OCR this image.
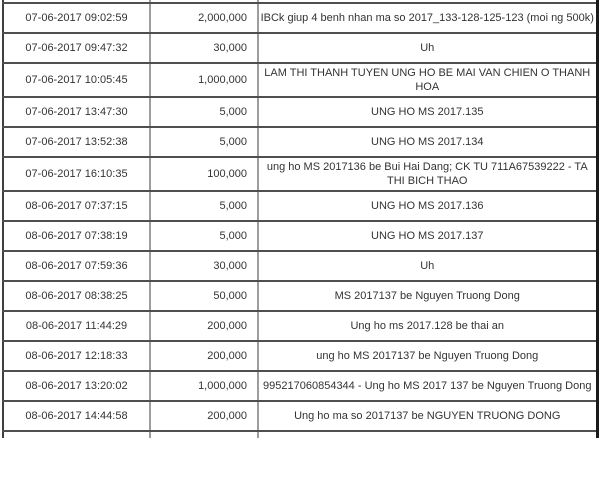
07-06-2017 09:02:59	2,000,000	IBCk giup 4 benh nhan ma so 2017_133-128-125-123 (moi ng 500k)
07-06-2017 09:47:32	30,000	Uh
07-06-2017 10:05:45	1,000,000	LAM THI THANH TUYEN UNG HO BE MAI VAN CHIEN O THANH HOA
07-06-2017 13:47:30	5,000	UNG HO MS 2017.135
07-06-2017 13:52:38	5,000	UNG HO MS 2017.134
07-06-2017 16:10:35	100,000	ung ho MS 2017136 be Bui Hai Dang; CK TU 711A67539222 - TA THI BICH THAO
08-06-2017 07:37:15	5,000	UNG HO MS 2017.136
08-06-2017 07:38:19	5,000	UNG HO MS 2017.137
08-06-2017 07:59:36	30,000	Uh
08-06-2017 08:38:25	50,000	MS 2017137 be Nguyen Truong Dong
08-06-2017 11:44:29	200,000	Ung ho ms 2017.128 be thai an
08-06-2017 12:18:33	200,000	ung ho MS 2017137 be Nguyen Truong Dong
08-06-2017 13:20:02	1,000,000	995217060854344 - Ung ho MS 2017 137 be Nguyen Truong Dong
08-06-2017 14:44:58	200,000	Ung ho ma so 2017137 be NGUYEN TRUONG DONG
